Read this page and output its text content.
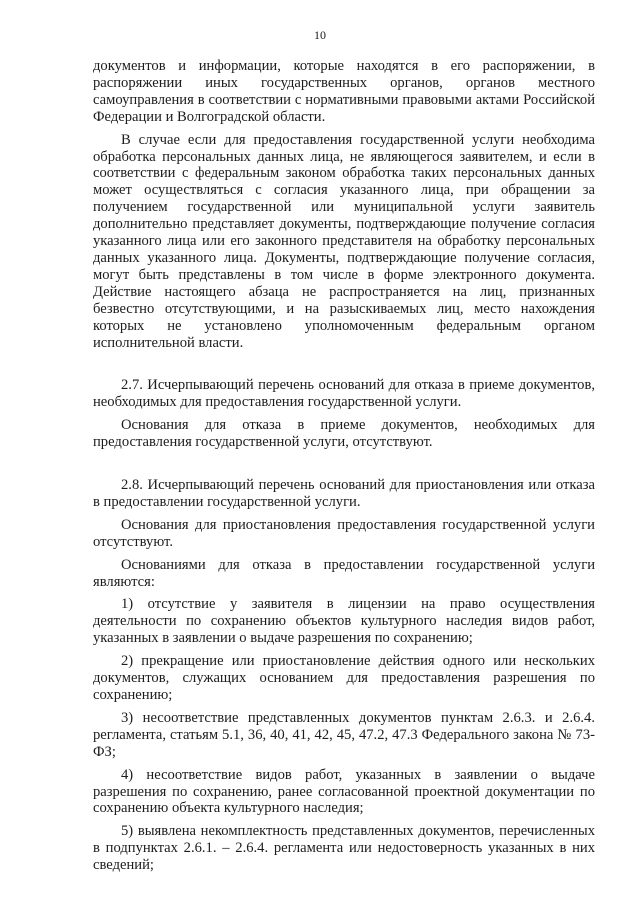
10

документов и информации, которые находятся в его распоряжении, в распоряжении иных государственных органов, органов местного самоуправления в соответствии с нормативными правовыми актами Российской Федерации и Волгоградской области.

В случае если для предоставления государственной услуги необходима обработка персональных данных лица, не являющегося заявителем, и если в соответствии с федеральным законом обработка таких персональных данных может осуществляться с согласия указанного лица, при обращении за получением государственной или муниципальной услуги заявитель дополнительно представляет документы, подтверждающие получение согласия указанного лица или его законного представителя на обработку персональных данных указанного лица. Документы, подтверждающие получение согласия, могут быть представлены в том числе в форме электронного документа. Действие настоящего абзаца не распространяется на лиц, признанных безвестно отсутствующими, и на разыскиваемых лиц, место нахождения которых не установлено уполномоченным федеральным органом исполнительной власти.

2.7. Исчерпывающий перечень оснований для отказа в приеме документов, необходимых для предоставления государственной услуги.

Основания для отказа в приеме документов, необходимых для предоставления государственной услуги, отсутствуют.

2.8. Исчерпывающий перечень оснований для приостановления или отказа в предоставлении государственной услуги.

Основания для приостановления предоставления государственной услуги отсутствуют.

Основаниями для отказа в предоставлении государственной услуги являются:

1) отсутствие у заявителя в лицензии на право осуществления деятельности по сохранению объектов культурного наследия видов работ, указанных в заявлении о выдаче разрешения по сохранению;

2) прекращение или приостановление действия одного или нескольких документов, служащих основанием для предоставления разрешения по сохранению;

3) несоответствие представленных документов пунктам 2.6.3. и 2.6.4. регламента, статьям 5.1, 36, 40, 41, 42, 45, 47.2, 47.3 Федерального закона № 73-ФЗ;

4) несоответствие видов работ, указанных в заявлении о выдаче разрешения по сохранению, ранее согласованной проектной документации по сохранению объекта культурного наследия;

5) выявлена некомплектность представленных документов, перечисленных в подпунктах 2.6.1. – 2.6.4. регламента или недостоверность указанных в них сведений;
